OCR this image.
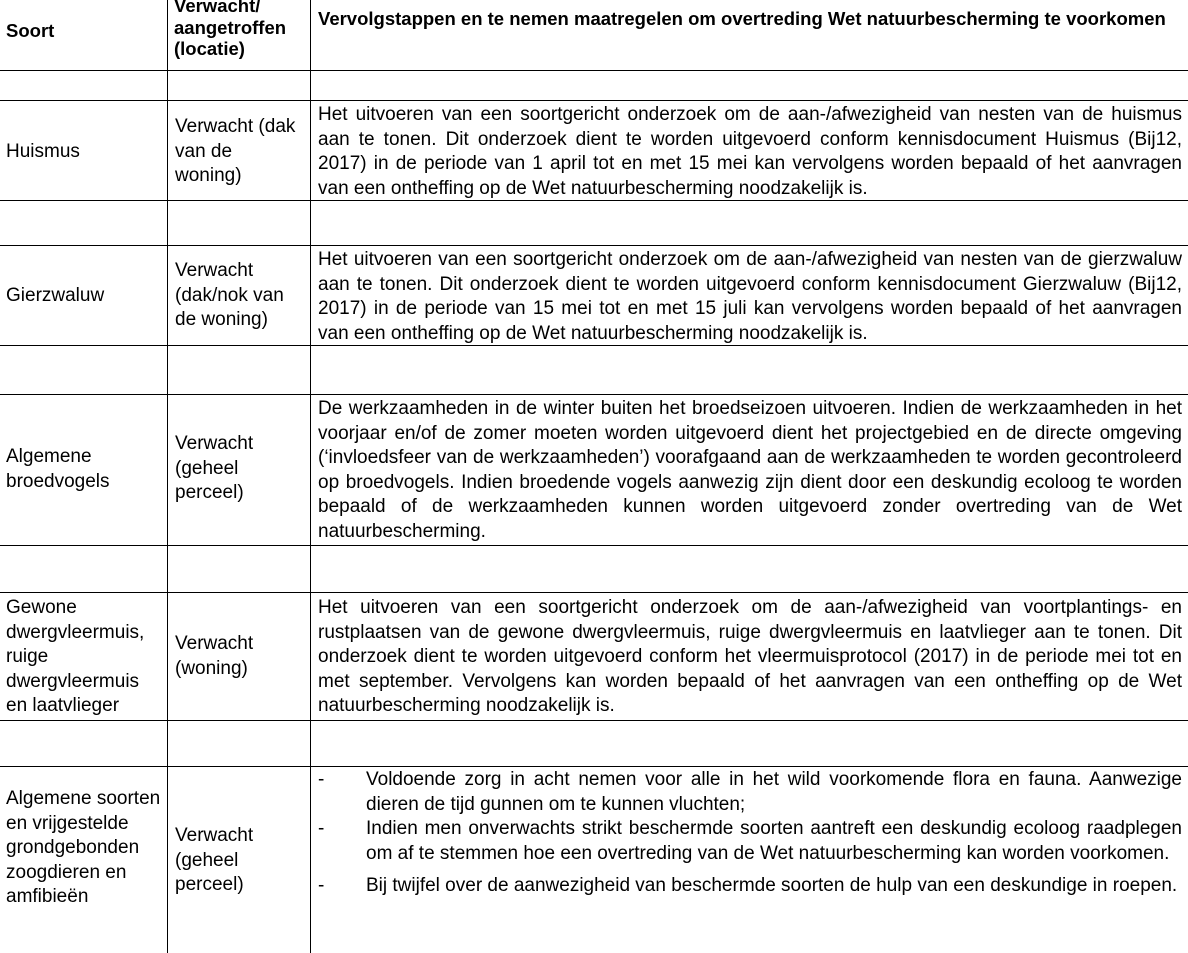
Soort
Verwacht/ aangetroffen (locatie)
Vervolgstappen en te nemen maatregelen om overtreding Wet natuurbescherming te voorkomen
Huismus
Verwacht (dak van de woning)
Het uitvoeren van een soortgericht onderzoek om de aan-/afwezigheid van nesten van de huismus aan te tonen. Dit onderzoek dient te worden uitgevoerd conform kennisdocument Huismus (Bij12, 2017) in de periode van 1 april tot en met 15 mei kan vervolgens worden bepaald of het aanvragen van een ontheffing op de Wet natuurbescherming noodzakelijk is.
Gierzwaluw
Verwacht (dak/nok van de woning)
Het uitvoeren van een soortgericht onderzoek om de aan-/afwezigheid van nesten van de gierzwaluw aan te tonen. Dit onderzoek dient te worden uitgevoerd conform kennisdocument Gierzwaluw (Bij12, 2017) in de periode van 15 mei tot en met 15 juli kan vervolgens worden bepaald of het aanvragen van een ontheffing op de Wet natuurbescherming noodzakelijk is.
Algemene broedvogels
Verwacht (geheel perceel)
De werkzaamheden in de winter buiten het broedseizoen uitvoeren. Indien de werkzaamheden in het voorjaar en/of de zomer moeten worden uitgevoerd dient het projectgebied en de directe omgeving (‘invloedsfeer van de werkzaamheden’) voorafgaand aan de werkzaamheden te worden gecontroleerd op broedvogels. Indien broedende vogels aanwezig zijn dient door een deskundig ecoloog te worden bepaald of de werkzaamheden kunnen worden uitgevoerd zonder overtreding van de Wet natuurbescherming.
Gewone dwergvleermuis, ruige dwergvleermuis en laatvlieger
Verwacht (woning)
Het uitvoeren van een soortgericht onderzoek om de aan-/afwezigheid van voortplantings- en rustplaatsen van de gewone dwergvleermuis, ruige dwergvleermuis en laatvlieger aan te tonen. Dit onderzoek dient te worden uitgevoerd conform het vleermuisprotocol (2017) in de periode mei tot en met september. Vervolgens kan worden bepaald of het aanvragen van een ontheffing op de Wet natuurbescherming noodzakelijk is.
Algemene soorten en vrijgestelde grondgebonden zoogdieren en amfibieën
Verwacht (geheel perceel)
- Voldoende zorg in acht nemen voor alle in het wild voorkomende flora en fauna. Aanwezige dieren de tijd gunnen om te kunnen vluchten;
- Indien men onverwachts strikt beschermde soorten aantreft een deskundig ecoloog raadplegen om af te stemmen hoe een overtreding van de Wet natuurbescherming kan worden voorkomen.
- Bij twijfel over de aanwezigheid van beschermde soorten de hulp van een deskundige in roepen.
